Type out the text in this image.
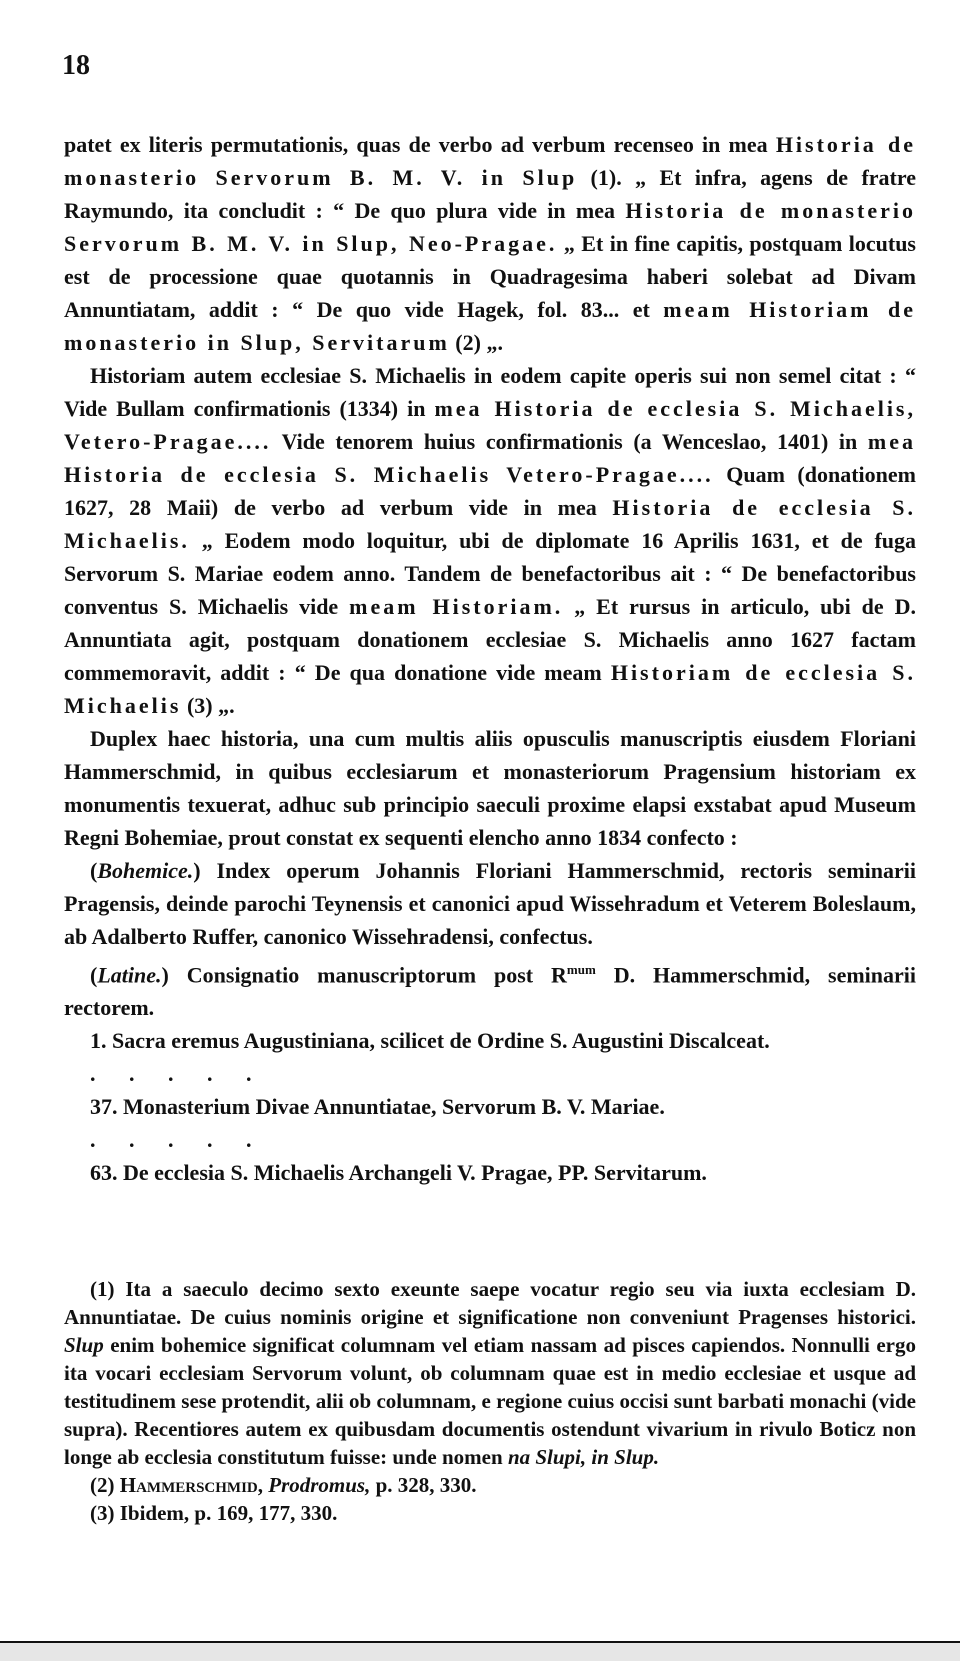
18

patet ex literis permutationis, quas de verbo ad verbum recenseo in mea Historia de monasterio Servorum B. M. V. in Slup (1). „ Et infra, agens de fratre Raymundo, ita concludit : “ De quo plura vide in mea Historia de monasterio Servorum B. M. V. in Slup, Neo-Pragae. „ Et in fine capitis, postquam locutus est de processione quae quotannis in Quadragesima haberi solebat ad Divam Annuntiatam, addit : “ De quo vide Hagek, fol. 83... et meam Historiam de monasterio in Slup, Servitarum (2) „.

Historiam autem ecclesiae S. Michaelis in eodem capite operis sui non semel citat : “ Vide Bullam confirmationis (1334) in mea Historia de ecclesia S. Michaelis, Vetero-Pragae.... Vide tenorem huius confirmationis (a Wenceslao, 1401) in mea Historia de ecclesia S. Michaelis Vetero-Pragae.... Quam (donationem 1627, 28 Maii) de verbo ad verbum vide in mea Historia de ecclesia S. Michaelis. „ Eodem modo loquitur, ubi de diplomate 16 Aprilis 1631, et de fuga Servorum S. Mariae eodem anno. Tandem de benefactoribus ait : “ De benefactoribus conventus S. Michaelis vide meam Historiam. „ Et rursus in articulo, ubi de D. Annuntiata agit, postquam donationem ecclesiae S. Michaelis anno 1627 factam commemoravit, addit : “ De qua donatione vide meam Historiam de ecclesia S. Michaelis (3) „.

Duplex haec historia, una cum multis aliis opusculis manuscriptis eiusdem Floriani Hammerschmid, in quibus ecclesiarum et monasteriorum Pragensium historiam ex monumentis texuerat, adhuc sub principio saeculi proxime elapsi exstabat apud Museum Regni Bohemiae, prout constat ex sequenti elencho anno 1834 confecto :

(Bohemice.) Index operum Johannis Floriani Hammerschmid, rectoris seminarii Pragensis, deinde parochi Teynensis et canonici apud Wissehradum et Veterem Boleslaum, ab Adalberto Ruffer, canonico Wissehradensi, confectus.

(Latine.) Consignatio manuscriptorum post $R^{mum}$ D. Hammerschmid, seminarii rectorem.

1. Sacra eremus Augustiniana, scilicet de Ordine S. Augustini Discalceat.

. . . . .

37. Monasterium Divae Annuntiatae, Servorum B. V. Mariae.

. . . . .

63. De ecclesia S. Michaelis Archangeli V. Pragae, PP. Servitarum.

(1) Ita a saeculo decimo sexto exeunte saepe vocatur regio seu via iuxta ecclesiam D. Annuntiatae. De cuius nominis origine et significatione non conveniunt Pragenses historici. Slup enim bohemice significat columnam vel etiam nassam ad pisces capiendos. Nonnulli ergo ita vocari ecclesiam Servorum volunt, ob columnam quae est in medio ecclesiae et usque ad testitudinem sese protendit, alii ob columnam, e regione cuius occisi sunt barbati monachi (vide supra). Recentiores autem ex quibusdam documentis ostendunt vivarium in rivulo Boticz non longe ab ecclesia constitutum fuisse: unde nomen na Slupi, in Slup.

(2) Hammerschmid, Prodromus, p. 328, 330.

(3) Ibidem, p. 169, 177, 330.
